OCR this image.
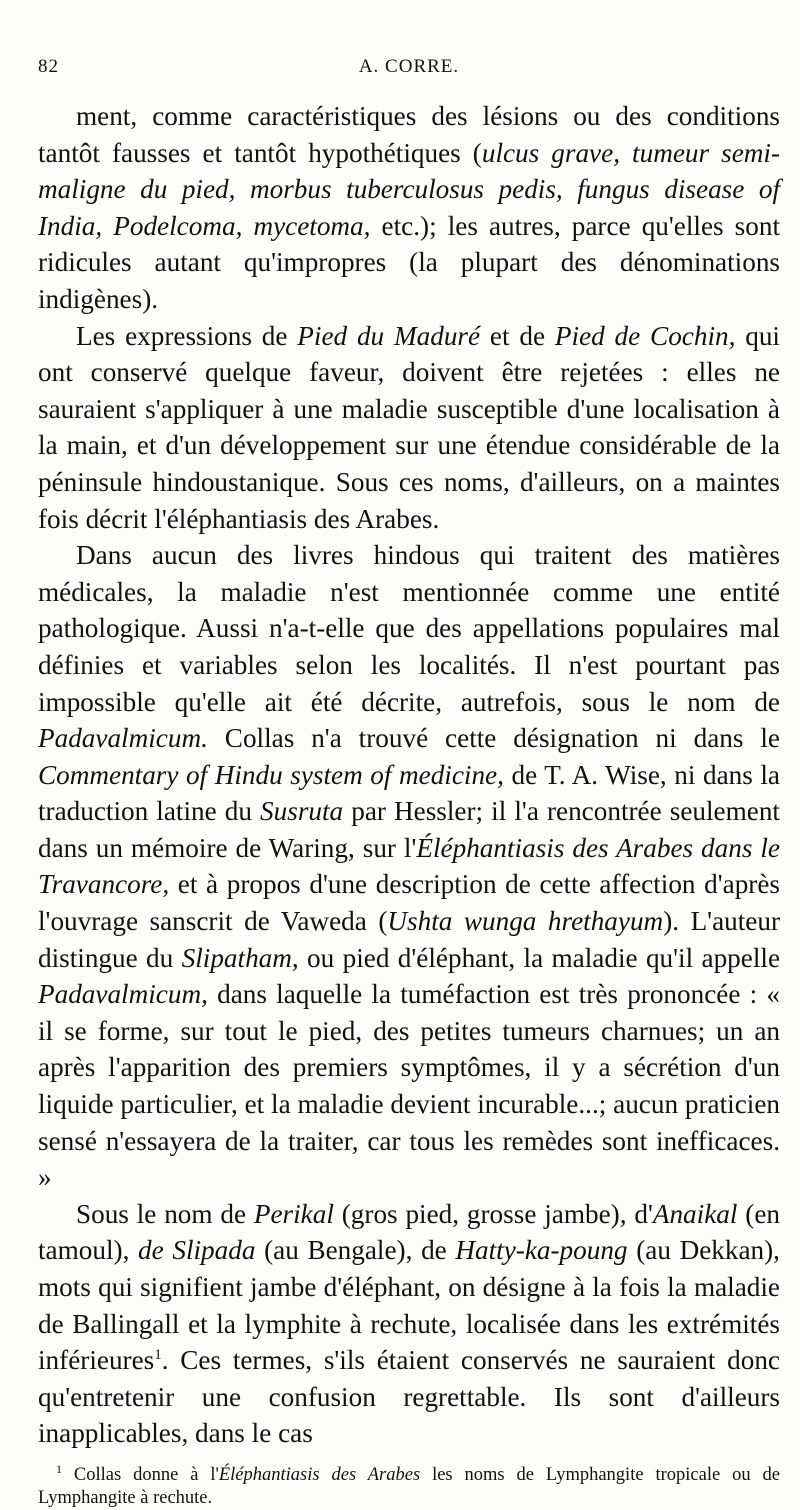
82	A. CORRE.

ment, comme caractéristiques des lésions ou des conditions tantôt fausses et tantôt hypothétiques (ulcus grave, tumeur semi-maligne du pied, morbus tuberculosus pedis, fungus disease of India, Podelcoma, mycetoma, etc.); les autres, parce qu'elles sont ridicules autant qu'impropres (la plupart des dénominations indigènes).

Les expressions de Pied du Maduré et de Pied de Cochin, qui ont conservé quelque faveur, doivent être rejetées : elles ne sauraient s'appliquer à une maladie susceptible d'une localisation à la main, et d'un développement sur une étendue considérable de la péninsule hindoustanique. Sous ces noms, d'ailleurs, on a maintes fois décrit l'éléphantiasis des Arabes.

Dans aucun des livres hindous qui traitent des matières médicales, la maladie n'est mentionnée comme une entité pathologique. Aussi n'a-t-elle que des appellations populaires mal définies et variables selon les localités. Il n'est pourtant pas impossible qu'elle ait été décrite, autrefois, sous le nom de Padavalmicum. Collas n'a trouvé cette désignation ni dans le Commentary of Hindu system of medicine, de T. A. Wise, ni dans la traduction latine du Susruta par Hessler; il l'a rencontrée seulement dans un mémoire de Waring, sur l'Éléphantiasis des Arabes dans le Travancore, et à propos d'une description de cette affection d'après l'ouvrage sanscrit de Vaweda (Ushta wunga hrethayum). L'auteur distingue du Slipatham, ou pied d'éléphant, la maladie qu'il appelle Padavalmicum, dans laquelle la tuméfaction est très prononcée : « il se forme, sur tout le pied, des petites tumeurs charnues; un an après l'apparition des premiers symptômes, il y a sécrétion d'un liquide particulier, et la maladie devient incurable...; aucun praticien sensé n'essayera de la traiter, car tous les remèdes sont inefficaces. »

Sous le nom de Perikal (gros pied, grosse jambe), d'Anaikal (en tamoul), de Slipada (au Bengale), de Hatty-ka-poung (au Dekkan), mots qui signifient jambe d'éléphant, on désigne à la fois la maladie de Ballingall et la lymphite à rechute, localisée dans les extrémités inférieures$^1$. Ces termes, s'ils étaient conservés ne sauraient donc qu'entretenir une confusion regrettable. Ils sont d'ailleurs inapplicables, dans le cas

$^1$ Collas donne à l'Éléphantiasis des Arabes les noms de Lymphangite tropicale ou de Lymphangite à rechute.
